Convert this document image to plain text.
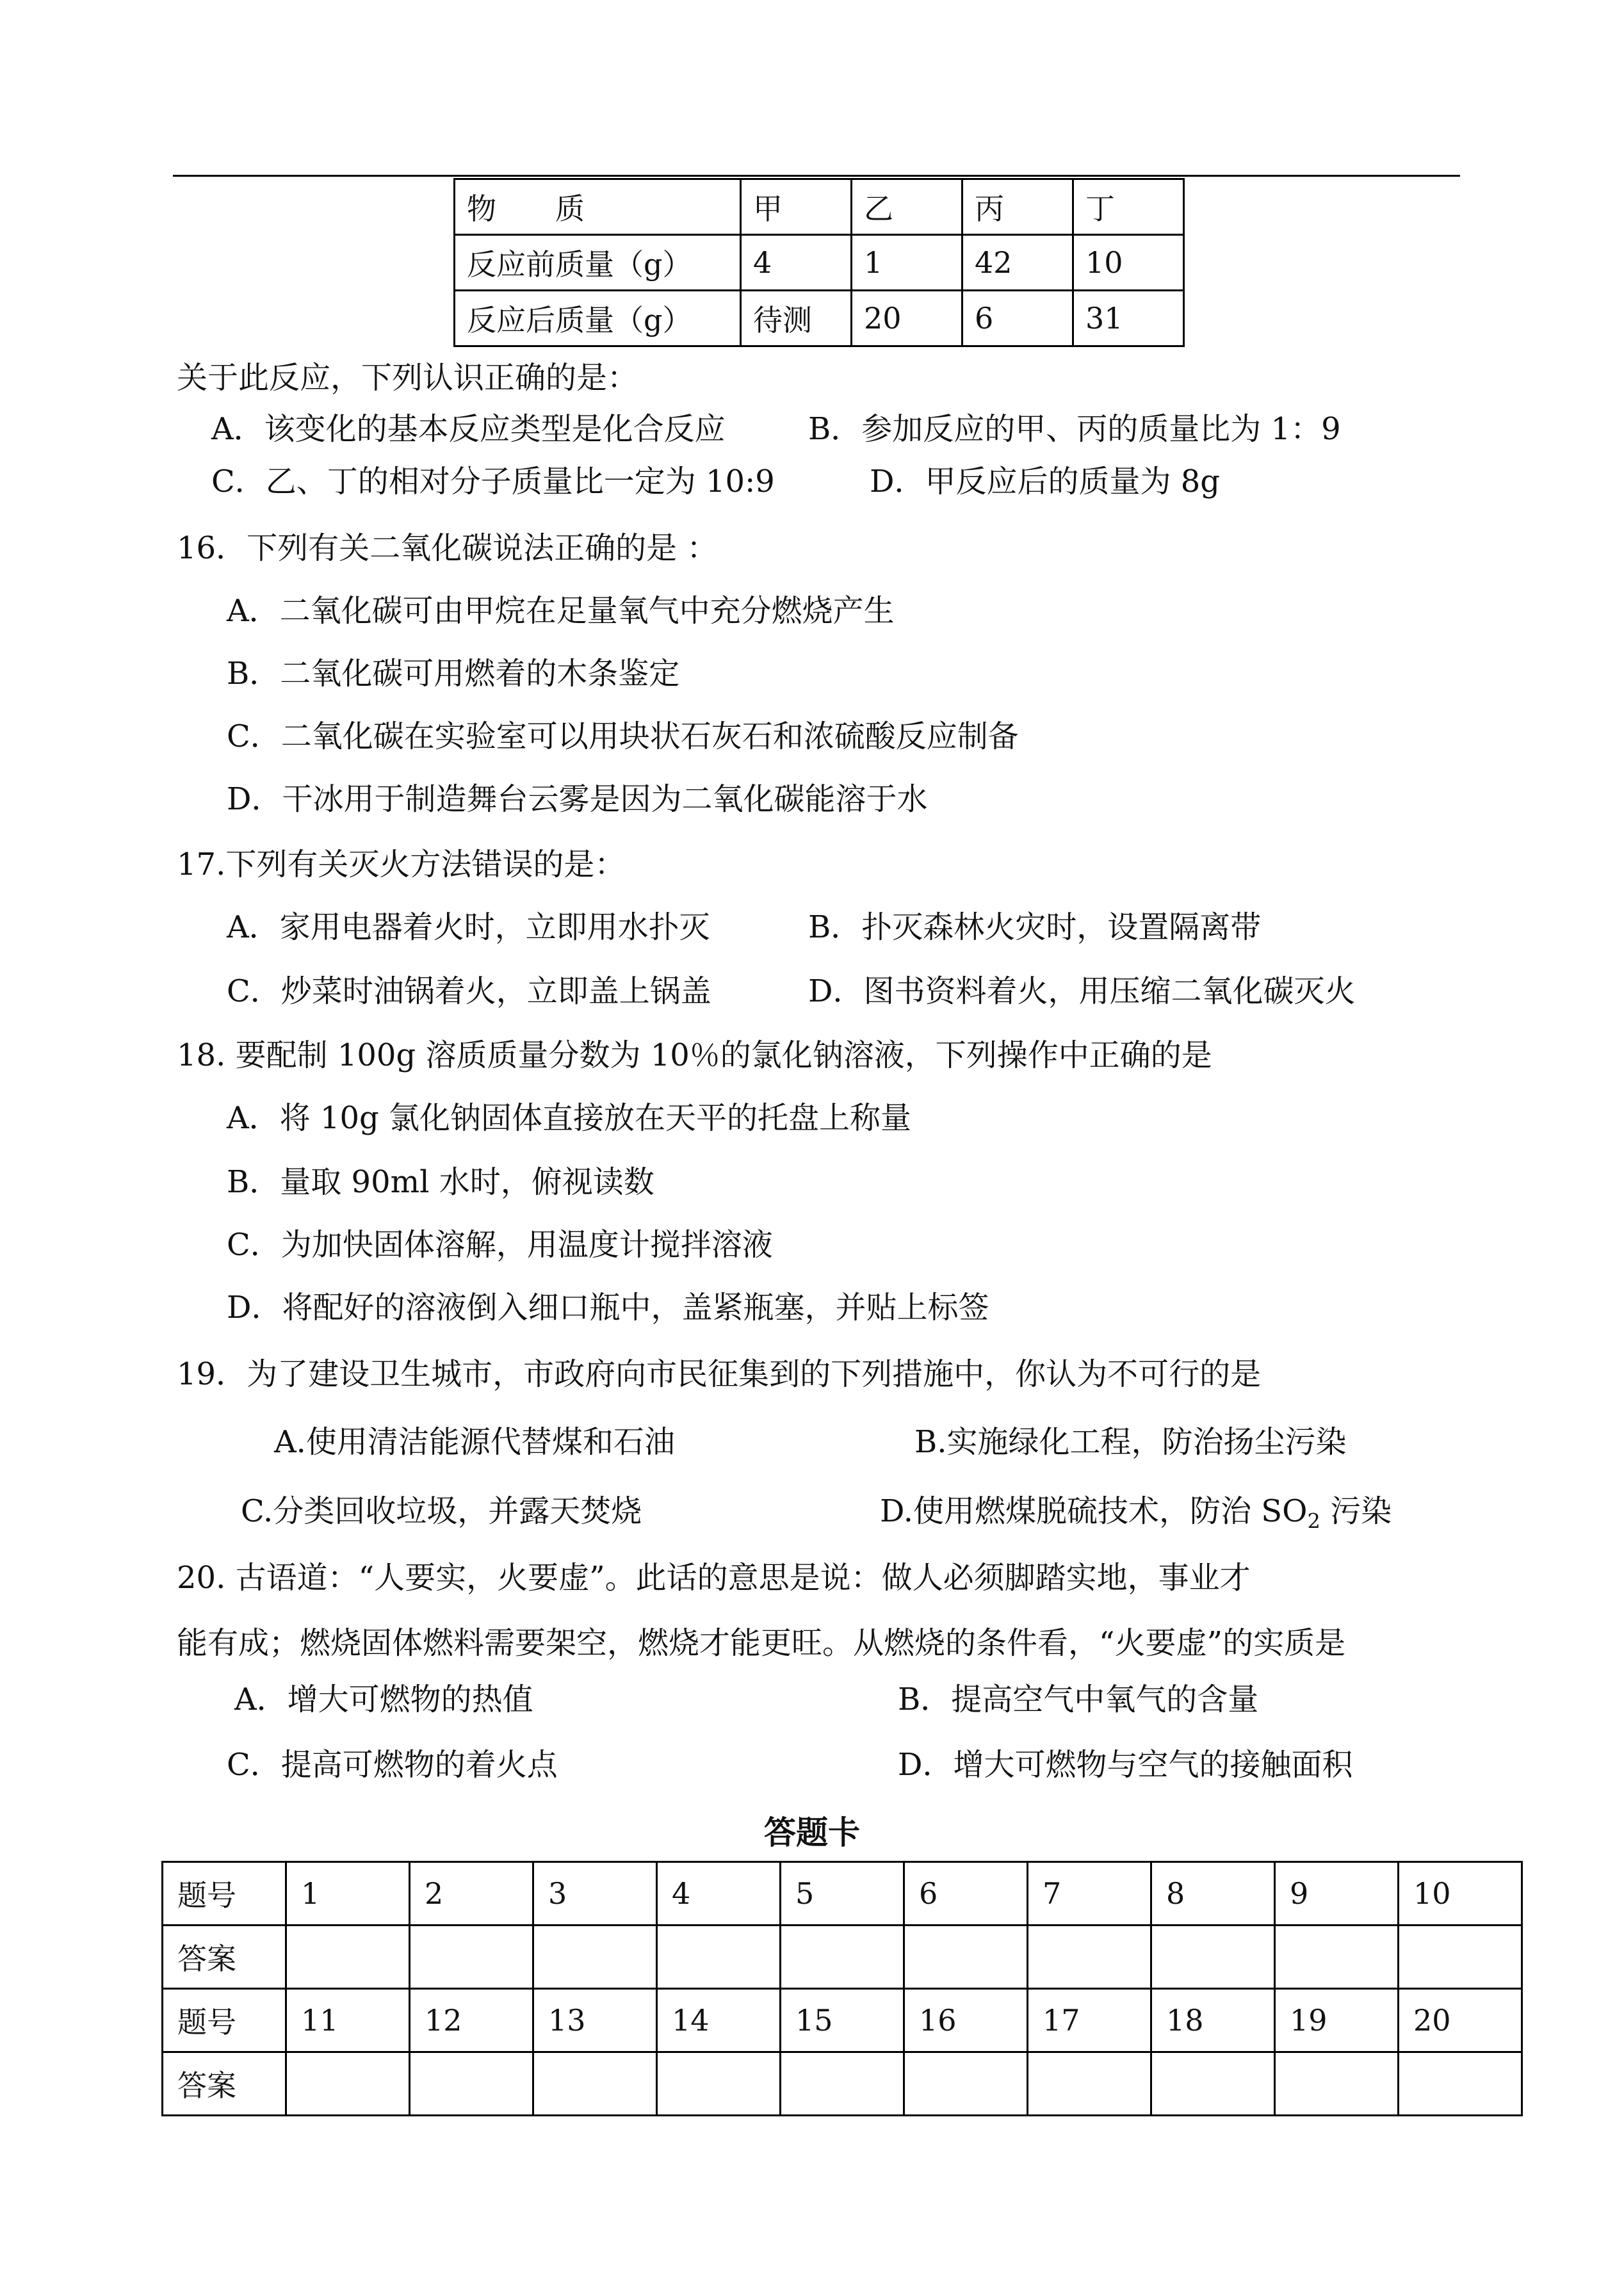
物　　质	甲	乙	丙	丁
反应前质量（g）	4	1	42	10
反应后质量（g）	待测	20	6	31
关于此反应，下列认识正确的是：
A．该变化的基本反应类型是化合反应	B．参加反应的甲、丙的质量比为 1：9
C．乙、丁的相对分子质量比一定为 10:9	D．甲反应后的质量为 8g
16．下列有关二氧化碳说法正确的是 ：
A．二氧化碳可由甲烷在足量氧气中充分燃烧产生
B．二氧化碳可用燃着的木条鉴定
C．二氧化碳在实验室可以用块状石灰石和浓硫酸反应制备
D．干冰用于制造舞台云雾是因为二氧化碳能溶于水
17.下列有关灭火方法错误的是：
A．家用电器着火时，立即用水扑灭	B．扑灭森林火灾时，设置隔离带
C．炒菜时油锅着火，立即盖上锅盖	D．图书资料着火，用压缩二氧化碳灭火
18. 要配制 100g 溶质质量分数为 10％的氯化钠溶液，下列操作中正确的是
A．将 10g 氯化钠固体直接放在天平的托盘上称量
B．量取 90ml 水时，俯视读数
C．为加快固体溶解，用温度计搅拌溶液
D．将配好的溶液倒入细口瓶中，盖紧瓶塞，并贴上标签
19．为了建设卫生城市，市政府向市民征集到的下列措施中，你认为不可行的是
A.使用清洁能源代替煤和石油	B.实施绿化工程，防治扬尘污染
C.分类回收垃圾，并露天焚烧	D.使用燃煤脱硫技术，防治 $SO_2$ 污染
20. 古语道：“人要实，火要虚”。此话的意思是说：做人必须脚踏实地，事业才
能有成；燃烧固体燃料需要架空，燃烧才能更旺。从燃烧的条件看，“火要虚”的实质是
A．增大可燃物的热值	B．提高空气中氧气的含量
C．提高可燃物的着火点	D．增大可燃物与空气的接触面积
答题卡
题号	1	2	3	4	5	6	7	8	9	10
答案										
题号	11	12	13	14	15	16	17	18	19	20
答案										
